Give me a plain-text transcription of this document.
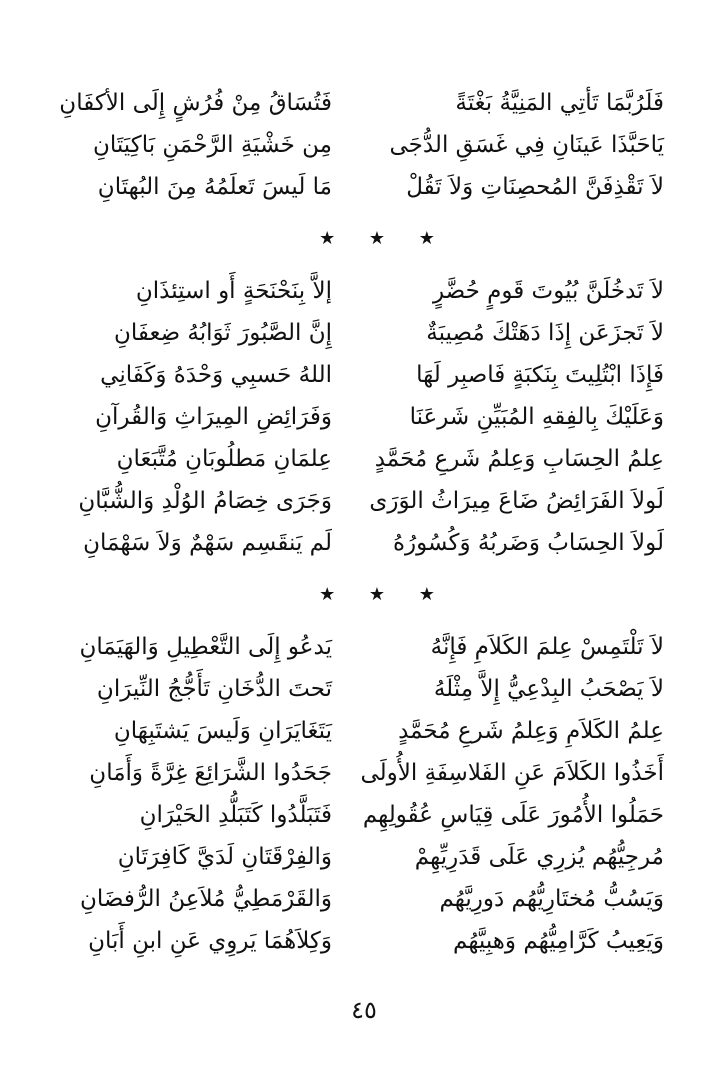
فَلَرُبَّمَا تَأتِي المَنِيَّةُ بَغْتَةً
فَتُسَاقُ مِنْ فُرُشٍ إِلَى الأكفَانِ
يَاحَبَّذَا عَينَانِ فِي غَسَقِ الدُّجَى
مِن خَشْيَةِ الرَّحْمَنِ بَاكِيَتَانِ
لاَ تَقْذِفَنَّ المُحصِنَاتِ وَلاَ تَقُلْ
مَا لَيسَ تَعلَمُهُ مِنَ البُهتَانِ
★ ★ ★
لاَ تَدخُلَنَّ بُيُوتَ قَومٍ حُضَّرٍ
إلاَّ بِنَحْنَحَةٍ أَو استِئذَانِ
لاَ تَجزَعَن إِذَا دَهَتْكَ مُصِيبَةٌ
إِنَّ الصَّبُورَ ثَوَابُهُ ضِعفَانِ
فَإِذَا ابْتُلِيتَ بِنَكبَةٍ فَاصبِر لَهَا
اللهُ حَسبِي وَحْدَهُ وَكَفَانِي
وَعَلَيْكَ بِالفِقهِ المُبَيِّنِ شَرعَنَا
وَفَرَائِضِ المِيرَاثِ وَالقُرآنِ
عِلمُ الحِسَابِ وَعِلمُ شَرعِ مُحَمَّدٍ
عِلمَانِ مَطلُوبَانِ مُتَّبَعَانِ
لَولاَ الفَرَائِضُ ضَاعَ مِيرَاثُ الوَرَى
وَجَرَى خِصَامُ الوُلْدِ وَالشُّبَّانِ
لَولاَ الحِسَابُ وَضَربُهُ وَكُسُورُهُ
لَم يَنقَسِم سَهْمٌ وَلاَ سَهْمَانِ
★ ★ ★
لاَ تَلْتَمِسْ عِلمَ الكَلاَمِ فَإِنَّهُ
يَدعُو إِلَى التَّعْطِيلِ وَالهَيَمَانِ
لاَ يَصْحَبُ البِدْعِيُّ إِلاَّ مِثْلَهُ
تَحتَ الدُّخَانِ تَأَجُّجُ النِّيرَانِ
عِلمُ الكَلاَمِ وَعِلمُ شَرعِ مُحَمَّدٍ
يَتَغَايَرَانِ وَلَيسَ يَشتَبِهَانِ
أَخَذُوا الكَلاَمَ عَنِ الفَلاسِفَةِ الأُولَى
جَحَدُوا الشَّرَائِعَ غِرَّةً وَأَمَانِ
حَمَلُوا الأُمُورَ عَلَى قِيَاسِ عُقُولِهِم
فَتَبَلَّدُوا كَتَبَلُّدِ الحَيْرَانِ
مُرجِيُّهُم يُزرِي عَلَى قَدَرِيِّهِمْ
وَالفِرْقَتَانِ لَدَيَّ كَافِرَتَانِ
وَيَسُبُّ مُختَارِيُّهُم دَورِيَّهُم
وَالقَرْمَطِيُّ مُلاَعِنُ الرُّفضَانِ
وَيَعِيبُ كَرَّامِيُّهُم وَهبِيَّهُم
وَكِلاَهُمَا يَروِي عَنِ ابنِ أَبَانِ
٤٥
